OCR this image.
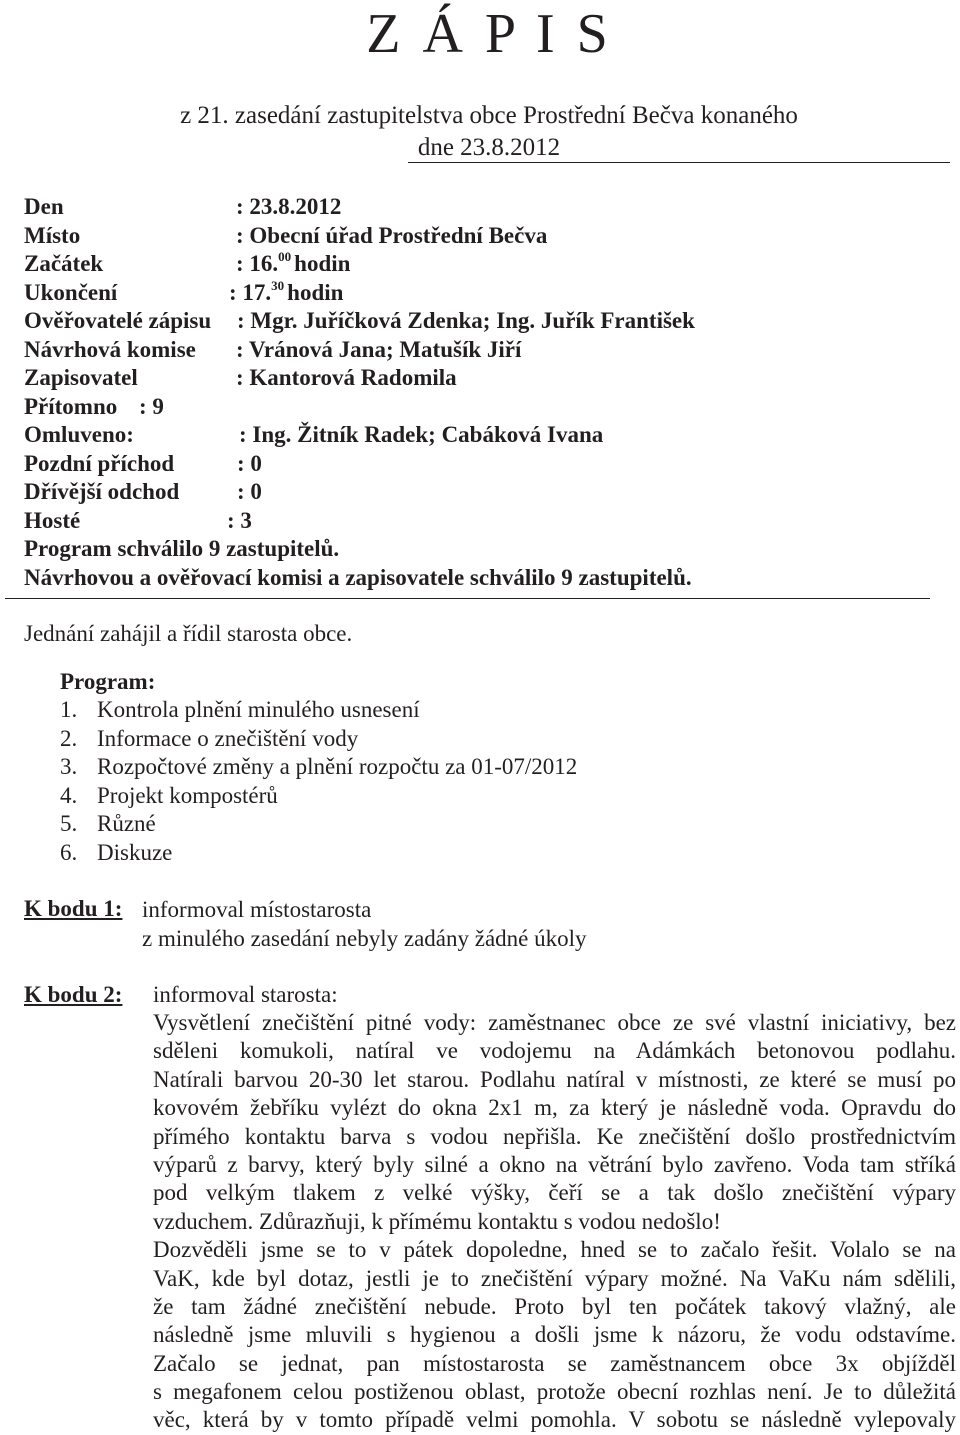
Z Á P I S
z 21. zasedání zastupitelstva obce Prostřední Bečva konaného
dne 23.8.2012
Den	: 23.8.2012
Místo	: Obecní úřad Prostřední Bečva
Začátek	: 16.00 hodin
Ukončení	: 17.30 hodin
Ověřovatelé zápisu : Mgr. Juříčková Zdenka; Ing. Juřík František
Návrhová komise : Vránová Jana; Matušík Jiří
Zapisovatel	: Kantorová Radomila
Přítomno : 9
Omluveno:	: Ing. Žitník Radek; Cabáková Ivana
Pozdní příchod	: 0
Dřívější odchod	: 0
Hosté	: 3
Program schválilo 9 zastupitelů.
Návrhovou a ověřovací komisi a zapisovatele schválilo 9 zastupitelů.
Jednání zahájil a řídil starosta obce.
Program:
1. Kontrola plnění minulého usnesení
2. Informace o znečištění vody
3. Rozpočtové změny a plnění rozpočtu za 01-07/2012
4. Projekt kompostérů
5. Různé
6. Diskuze
K bodu 1: informoval místostarosta
z minulého zasedání nebyly zadány žádné úkoly
K bodu 2: informoval starosta:
Vysvětlení znečištění pitné vody: zaměstnanec obce ze své vlastní iniciativy, bez
sděleni komukoli, natíral ve vodojemu na Adámkách betonovou podlahu.
Natírali barvou 20-30 let starou. Podlahu natíral v místnosti, ze které se musí po
kovovém žebříku vylézt do okna 2x1 m, za který je následně voda. Opravdu do
přímého kontaktu barva s vodou nepřišla. Ke znečištění došlo prostřednictvím
výparů z barvy, který byly silné a okno na větrání bylo zavřeno. Voda tam stříká
pod velkým tlakem z velké výšky, čeří se a tak došlo znečištění výpary
vzduchem. Zdůrazňuji, k přímému kontaktu s vodou nedošlo!
Dozvěděli jsme se to v pátek dopoledne, hned se to začalo řešit. Volalo se na
VaK, kde byl dotaz, jestli je to znečištění výpary možné. Na VaKu nám sdělili,
že tam žádné znečištění nebude. Proto byl ten počátek takový vlažný, ale
následně jsme mluvili s hygienou a došli jsme k názoru, že vodu odstavíme.
Začalo se jednat, pan místostarosta se zaměstnancem obce 3x objížděl
s megafonem celou postiženou oblast, protože obecní rozhlas není. Je to důležitá
věc, která by v tomto případě velmi pomohla. V sobotu se následně vylepovaly
